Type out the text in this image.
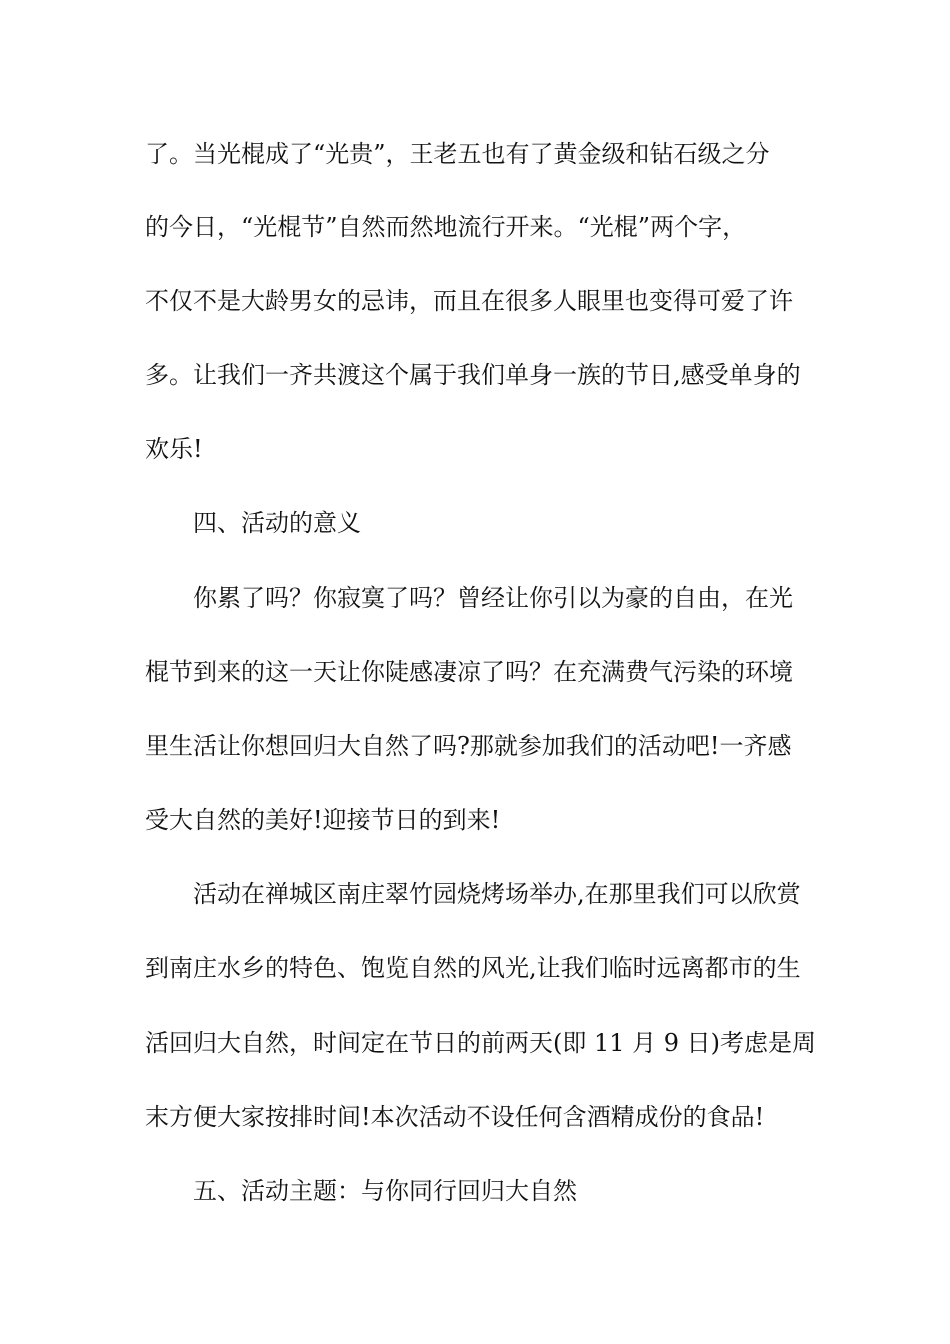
了。当光棍成了“光贵”，王老五也有了黄金级和钻石级之分

的今日，“光棍节”自然而然地流行开来。“光棍”两个字，

不仅不是大龄男女的忌讳，而且在很多人眼里也变得可爱了许

多。让我们一齐共渡这个属于我们单身一族的节日,感受单身的

欢乐!

四、活动的意义

你累了吗？你寂寞了吗？曾经让你引以为豪的自由，在光

棍节到来的这一天让你陡感凄凉了吗？在充满费气污染的环境

里生活让你想回归大自然了吗?那就参加我们的活动吧!一齐感

受大自然的美好!迎接节日的到来!

活动在禅城区南庄翠竹园烧烤场举办,在那里我们可以欣赏

到南庄水乡的特色、饱览自然的风光,让我们临时远离都市的生

活回归大自然，时间定在节日的前两天(即 11 月 9 日)考虑是周

末方便大家按排时间!本次活动不设任何含酒精成份的食品!

五、活动主题：与你同行回归大自然
